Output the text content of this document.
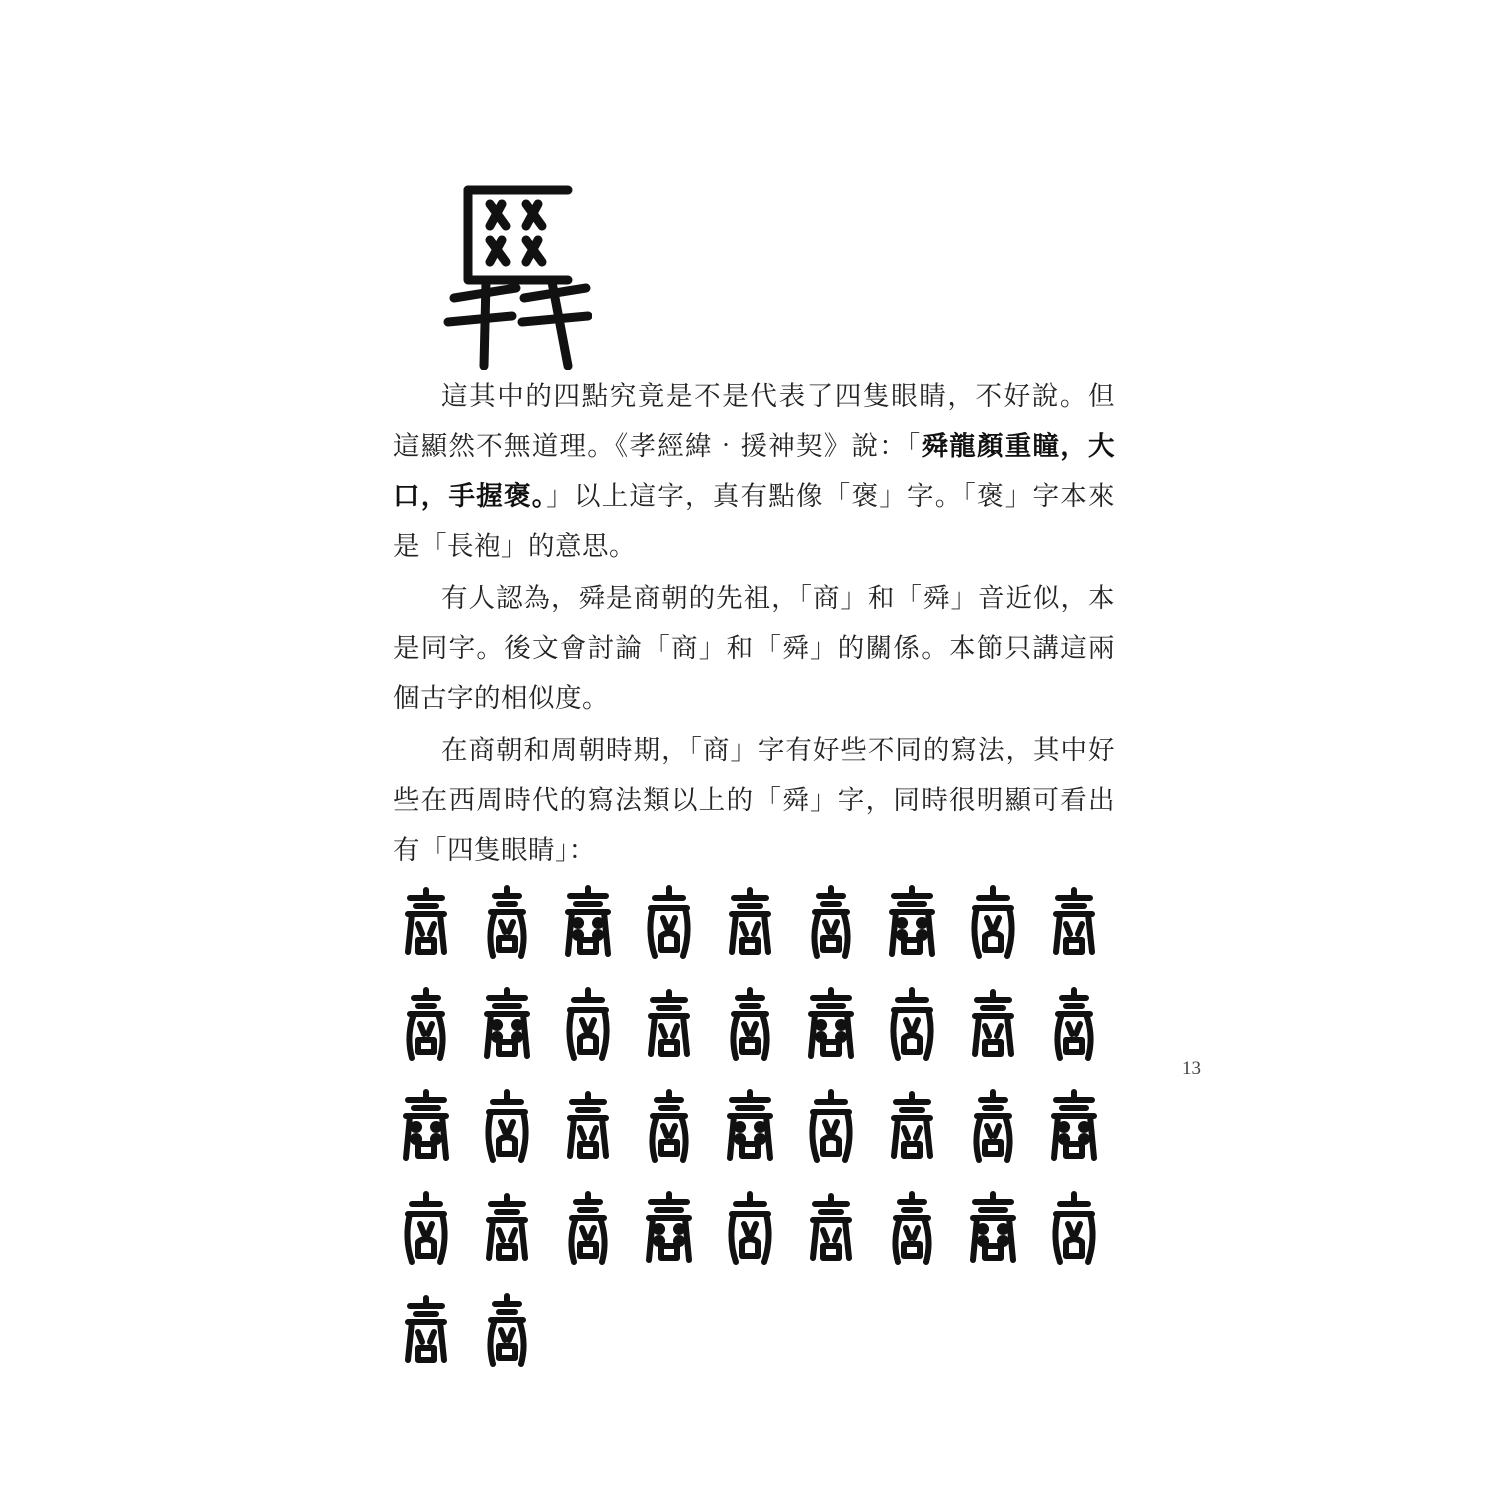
這其中的四點究竟是不是代表了四隻眼睛，不好說。但這顯然不無道理。《孝經緯‧援神契》說：「舜龍顏重瞳，大口，手握褒。」以上這字，真有點像「褒」字。「褒」字本來是「長袍」的意思。

有人認為，舜是商朝的先祖，「商」和「舜」音近似，本是同字。後文會討論「商」和「舜」的關係。本節只講這兩個古字的相似度。

在商朝和周朝時期，「商」字有好些不同的寫法，其中好些在西周時代的寫法類以上的「舜」字，同時很明顯可看出有「四隻眼睛」：

13
